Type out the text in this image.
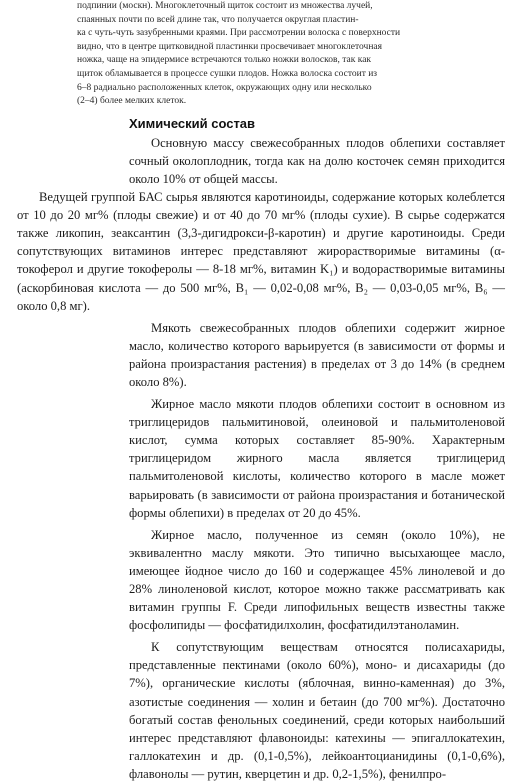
подпинии (москн). Многоклеточный щиток состоит из множества лучей,
спаянных почти по всей длине так, что получается округлая пластин-
ка с чуть-чуть зазубренными краями. При рассмотрении волоска с поверхности
видно, что в центре щитковидной пластинки просвечивает многоклеточная
ножка, чаще на эпидермисе встречаются только ножки волосков, так как
щиток обламывается в процессе сушки плодов. Ножка волоска состоит из
6–8 радиально расположенных клеток, окружающих одну или несколько
(2–4) более мелких клеток.
Химический состав

Основную массу свежесобранных плодов облепихи составляет сочный околоплодник, тогда как на долю косточек семян приходится около 10% от общей массы.

Ведущей группой БАС сырья являются каротиноиды, содержание которых колеблется от 10 до 20 мг% (плоды свежие) и от 40 до 70 мг% (плоды сухие). В сырье содержатся также ликопин, зеаксантин (3,3-дигидрокси-β-каротин) и другие каротиноиды. Среди сопутствующих витаминов интерес представляют жирорастворимые витамины (α-токоферол и другие токоферолы — 8-18 мг%, витамин K₁) и водорастворимые витамины (аскорбиновая кислота — до 500 мг%, B₁ — 0,02-0,08 мг%, B₂ — 0,03-0,05 мг%, B₆ — около 0,8 мг).

Мякоть свежесобранных плодов облепихи содержит жирное масло, количество которого варьируется (в зависимости от формы и района произрастания растения) в пределах от 3 до 14% (в среднем около 8%).

Жирное масло мякоти плодов облепихи состоит в основном из триглицеридов пальмитиновой, олеиновой и пальмитоленовой кислот, сумма которых составляет 85-90%. Характерным триглицеридом жирного масла является триглицерид пальмитоленовой кислоты, количество которого в масле может варьировать (в зависимости от района произрастания и ботанической формы облепихи) в пределах от 20 до 45%.

Жирное масло, полученное из семян (около 10%), не эквивалентно маслу мякоти. Это типично высыхающее масло, имеющее йодное число до 160 и содержащее 45% линолевой и до 28% линоленовой кислот, которое можно также рассматривать как витамин группы F. Среди липофильных веществ известны также фосфолипиды — фосфатидилхолин, фосфатидилэтаноламин.

К сопутствующим веществам относятся полисахариды, представленные пектинами (около 60%), моно- и дисахариды (до 7%), органические кислоты (яблочная, винно-каменная) до 3%, азотистые соединения — холин и бетаин (до 700 мг%). Достаточно богатый состав фенольных соединений, среди которых наибольший интерес представляют флавоноиды: катехины — эпигаллокатехин, галлокатехин и др. (0,1-0,5%), лейкоантоцианидины (0,1-0,6%), флавонолы — рутин, кверцетин и др. 0,2-1,5%), фенилпро-
